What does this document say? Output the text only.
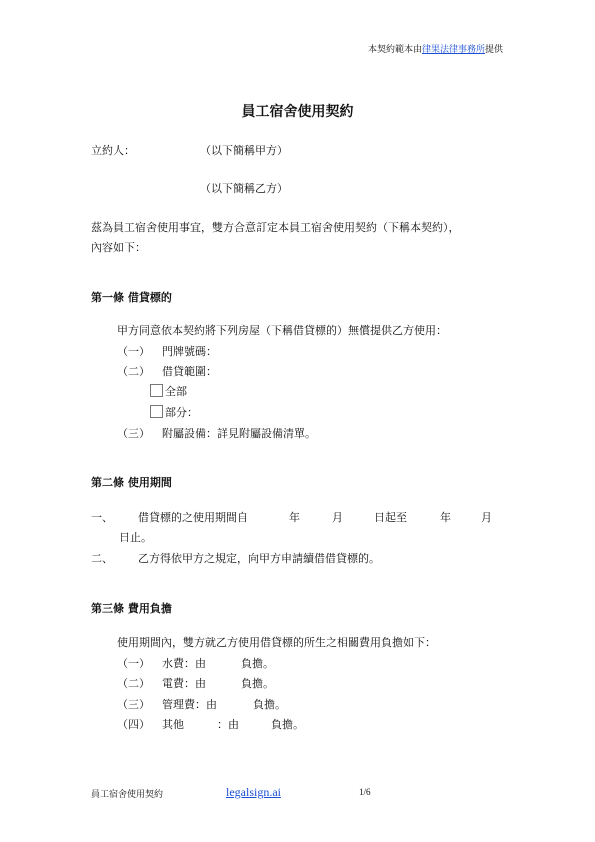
本契約範本由律果法律事務所提供
員工宿舍使用契約
立約人：	（以下簡稱甲方）
（以下簡稱乙方）
茲為員工宿舍使用事宜，雙方合意訂定本員工宿舍使用契約（下稱本契約），
內容如下：
第一條 借貸標的
甲方同意依本契約將下列房屋（下稱借貸標的）無償提供乙方使用：
（一） 門牌號碼：
（二） 借貸範圍：
全部
部分：
（三） 附屬設備：詳見附屬設備清單。
第二條 使用期間
一、 借貸標的之使用期間自	年	月	日起至	年	月
日止。
二、 乙方得依甲方之規定，向甲方申請續借借貸標的。
第三條 費用負擔
使用期間內，雙方就乙方使用借貸標的所生之相關費用負擔如下：
（一） 水費：由	負擔。
（二） 電費：由	負擔。
（三） 管理費：由	負擔。
（四） 其他	：由	負擔。
員工宿舍使用契約	legalsign.ai	1/6
